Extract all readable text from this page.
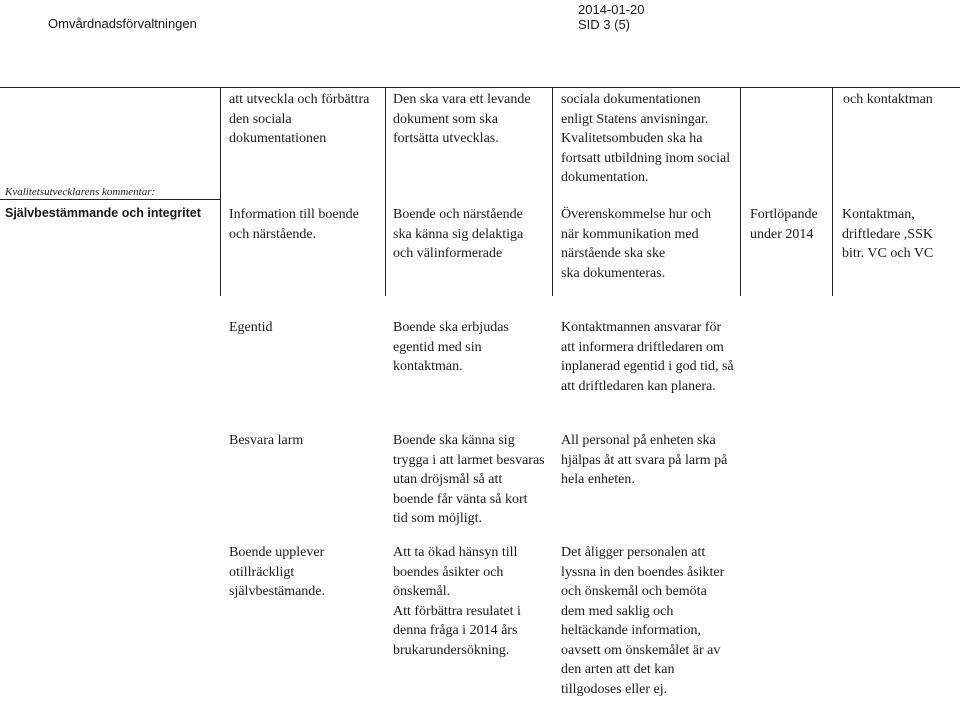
Omvårdnadsförvaltningen
2014-01-20
SID 3 (5)
Kvalitetsutvecklarens kommentar:
Självbestämmande och integritet
att utveckla och förbättra
den sociala
dokumentationen
Den ska vara ett levande
dokument som ska
fortsätta utvecklas.
sociala dokumentationen
enligt Statens anvisningar.
Kvalitetsombuden ska ha
fortsatt utbildning inom social
dokumentation.
och kontaktman
Information till boende
och närstående.
Boende och närstående
ska känna sig delaktiga
och välinformerade
Överenskommelse hur och
när kommunikation med
närstående ska ske
ska dokumenteras.
Fortlöpande
under 2014
Kontaktman,
driftledare ,SSK
bitr. VC och VC
Egentid	Boende ska erbjudas
egentid med sin
kontaktman.
Kontaktmannen ansvarar för
att informera driftledaren om
inplanerad egentid i god tid, så
att driftledaren kan planera.
Besvara larm	Boende ska känna sig
trygga i att larmet besvaras
utan dröjsmål så att
boende får vänta så kort
tid som möjligt.
All personal på enheten ska
hjälpas åt att svara på larm på
hela enheten.
Boende upplever
otillräckligt
självbestämande.
Att ta ökad hänsyn till
boendes åsikter och
önskemål.
Att förbättra resulatet i
denna fråga i 2014 års
brukarundersökning.
Det åligger personalen att
lyssna in den boendes åsikter
och önskemål och bemöta
dem med saklig och
heltäckande information,
oavsett om önskemålet är av
den arten att det kan
tillgodoses eller ej.
